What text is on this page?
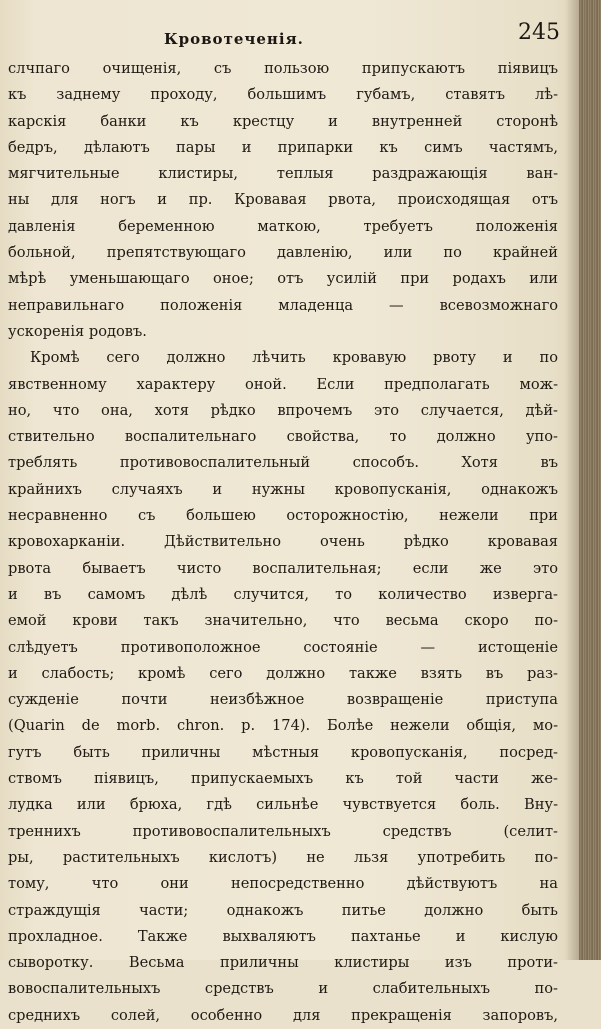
Кровотеченія.	245
слчпаго очищенія, съ пользою припускаютъ піявицъ
къ заднему проходу, большимъ губамъ, ставятъ лѣ-
карскія банки къ крестцу и внутренней сторонѣ
бедръ, дѣлаютъ пары и припарки къ симъ частямъ,
мягчительные клистиры, теплыя раздражающія ван-
ны для ногъ и пр. Кровавая рвота, происходящая отъ
давленія беременною маткою, требуетъ положенія
больной, препятствующаго давленію, или по крайней
мѣрѣ уменьшающаго оное; отъ усилій при родахъ или
неправильнаго положенія младенца — всевозможнаго
ускоренія родовъ.
Кромѣ сего должно лѣчить кровавую рвоту и по
явственному характеру оной. Если предполагать мож-
но, что она, хотя рѣдко впрочемъ это случается, дѣй-
ствительно воспалительнаго свойства, то должно упо-
треблять противовоспалительный способъ. Хотя въ
крайнихъ случаяхъ и нужны кровопусканія, однакожъ
несравненно съ большею осторожностію, нежели при
кровохарканіи. Дѣйствительно очень рѣдко кровавая
рвота бываетъ чисто воспалительная; если же это
и въ самомъ дѣлѣ случится, то количество изверга-
емой крови такъ значительно, что весьма скоро по-
слѣдуетъ противоположное состояніе — истощеніе
и слабость; кромѣ сего должно также взять въ раз-
сужденіе почти неизбѣжное возвращеніе приступа
(Quarin de morb. chron. p. 174). Болѣе нежели общія, мо-
гутъ быть приличны мѣстныя кровопусканія, посред-
ствомъ піявицъ, припускаемыхъ къ той части же-
лудка или брюха, гдѣ сильнѣе чувствуется боль. Вну-
треннихъ противовоспалительныхъ средствъ (селит-
ры, растительныхъ кислотъ) не льзя употребить по-
тому, что они непосредственно дѣйствуютъ на
страждущія части; однакожъ питье должно быть
прохладное. Также выхваляютъ пахтанье и кислую
сыворотку. Весьма приличны клистиры изъ проти-
вовоспалительныхъ средствъ и слабительныхъ по-
среднихъ солей, особенно для прекращенія запоровъ,
